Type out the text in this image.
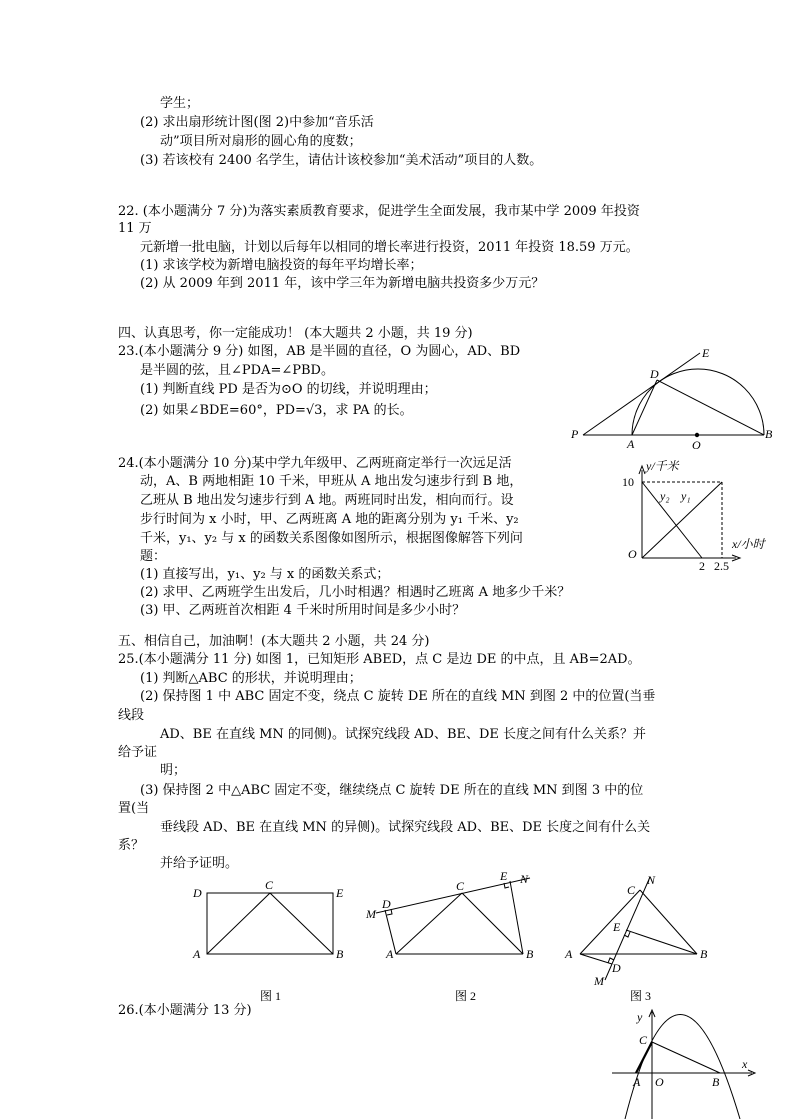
学生；
(2) 求出扇形统计图(图 2)中参加“音乐活
动”项目所对扇形的圆心角的度数；
(3) 若该校有 2400 名学生，请估计该校参加“美术活动”项目的人数。
22. (本小题满分 7 分)为落实素质教育要求，促进学生全面发展，我市某中学 2009 年投资
11 万
元新增一批电脑，计划以后每年以相同的增长率进行投资，2011 年投资 18.59 万元。
(1) 求该学校为新增电脑投资的每年平均增长率；
(2) 从 2009 年到 2011 年，该中学三年为新增电脑共投资多少万元？
四、认真思考，你一定能成功！ (本大题共 2 小题，共 19 分)
23.(本小题满分 9 分) 如图，AB 是半圆的直径，O 为圆心，AD、BD
是半圆的弦，且∠PDA=∠PBD。
(1) 判断直线 PD 是否为⊙O 的切线，并说明理由；
(2) 如果∠BDE=60°，PD=√3，求 PA 的长。
E
D
P
A	O
B
24.(本小题满分 10 分)某中学九年级甲、乙两班商定举行一次远足活
动，A、B 两地相距 10 千米，甲班从 A 地出发匀速步行到 B 地，
乙班从 B 地出发匀速步行到 A 地。两班同时出发，相向而行。设
步行时间为 x 小时，甲、乙两班离 A 地的距离分别为 y₁ 千米、y₂
千米，y₁、y₂ 与 x 的函数关系图像如图所示，根据图像解答下列问
题：
(1) 直接写出，y₁、y₂ 与 x 的函数关系式；
(2) 求甲、乙两班学生出发后，几小时相遇？相遇时乙班离 A 地多少千米？
(3) 甲、乙两班首次相距 4 千米时所用时间是多少小时？
y/千米
10
O
x/小时
2 2.5
y₂ y₁
五、相信自己，加油啊！(本大题共 2 小题，共 24 分)
25.(本小题满分 11 分) 如图 1，已知矩形 ABED，点 C 是边 DE 的中点，且 AB=2AD。
(1) 判断△ABC 的形状，并说明理由；
(2) 保持图 1 中 ABC 固定不变，绕点 C 旋转 DE 所在的直线 MN 到图 2 中的位置(当垂
线段
AD、BE 在直线 MN 的同侧)。试探究线段 AD、BE、DE 长度之间有什么关系？并
给予证
明；
(3) 保持图 2 中△ABC 固定不变，继续绕点 C 旋转 DE 所在的直线 MN 到图 3 中的位
置(当
垂线段 AD、BE 在直线 MN 的异侧)。试探究线段 AD、BE、DE 长度之间有什么关
系？
并给予证明。
D
C
E
A	B
M
D
C
E N
A	B
C
N
E
A	B
D
M
图 1	图 2	图 3
26.(本小题满分 13 分)	y
C
x
A O	B
